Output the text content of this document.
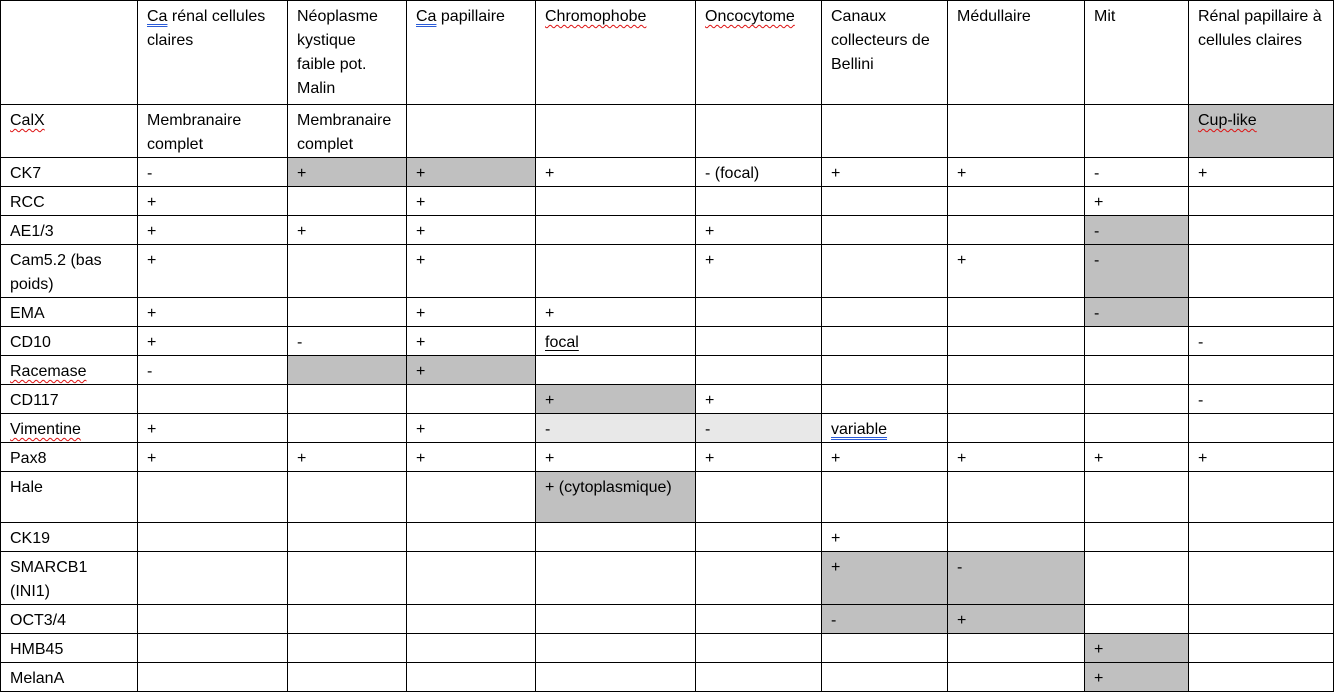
	Ca rénal cellules claires	Néoplasme kystique faible pot. Malin	Ca papillaire	Chromophobe	Oncocytome	Canaux collecteurs de Bellini	Médullaire	Mit	Rénal papillaire à cellules claires
CalX	Membranaire complet	Membranaire complet							Cup-like
CK7	-	+	+	+	- (focal)	+	+	-	+
RCC	+		+					+	
AE1/3	+	+	+		+			-	
Cam5.2 (bas poids)	+		+		+		+	-	
EMA	+		+	+				-	
CD10	+	-	+	focal					-
Racemase	-		+						
CD117				+	+				-
Vimentine	+		+	-	-	variable			
Pax8	+	+	+	+	+	+	+	+	+
Hale				+ (cytoplasmique)					
CK19						+			
SMARCB1 (INI1)						+	-		
OCT3/4						-	+		
HMB45								+	
MelanA								+	
